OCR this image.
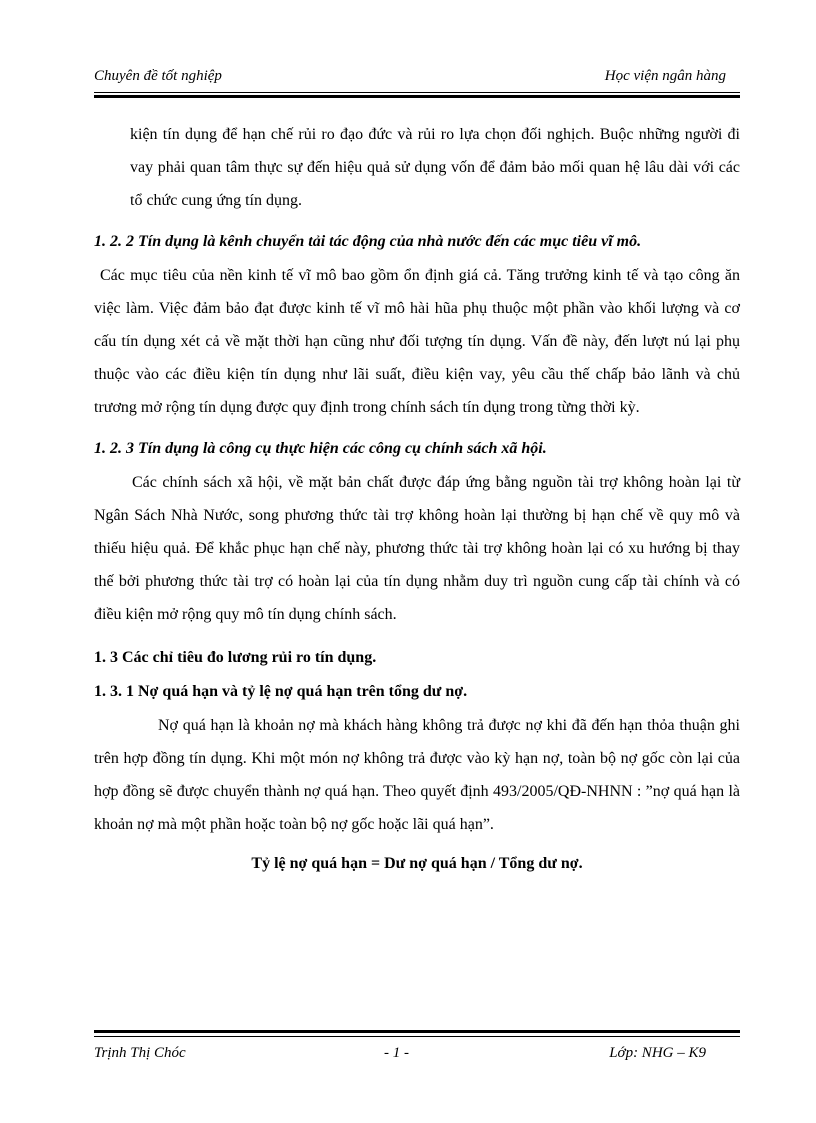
Chuyên đề tốt nghiệp	Học viện ngân hàng

kiện tín dụng để hạn chế rủi ro đạo đức và rủi ro lựa chọn đối nghịch. Buộc những người đi vay phải quan tâm thực sự đến hiệu quả sử dụng vốn để đảm bảo mối quan hệ lâu dài với các tổ chức cung ứng tín dụng.

1. 2. 2 Tín dụng là kênh chuyển tải tác động của nhà nước đến các mục tiêu vĩ mô.

Các mục tiêu của nền kinh tế vĩ mô bao gồm ổn định giá cả. Tăng trưởng kinh tế và tạo công ăn việc làm. Việc đảm bảo đạt được kinh tế vĩ mô hài hũa phụ thuộc một phần vào khối lượng và cơ cấu tín dụng xét cả về mặt thời hạn cũng như đối tượng tín dụng. Vấn đề này, đến lượt nú lại phụ thuộc vào các điều kiện tín dụng như lãi suất, điều kiện vay, yêu cầu thế chấp bảo lãnh và chủ trương mở rộng tín dụng được quy định trong chính sách tín dụng trong từng thời kỳ.

1. 2. 3 Tín dụng là công cụ thực hiện các công cụ chính sách xã hội.

Các chính sách xã hội, về mặt bản chất được đáp ứng bằng nguồn tài trợ không hoàn lại từ Ngân Sách Nhà Nước, song phương thức tài trợ không hoàn lại thường bị hạn chế về quy mô và thiếu hiệu quả. Để khắc phục hạn chế này, phương thức tài trợ không hoàn lại có xu hướng bị thay thế bởi phương thức tài trợ có hoàn lại của tín dụng nhằm duy trì nguồn cung cấp tài chính và có điều kiện mở rộng quy mô tín dụng chính sách.

1. 3 Các chỉ tiêu đo lương rủi ro tín dụng.

1. 3. 1 Nợ quá hạn và tỷ lệ nợ quá hạn trên tổng dư nợ.

Nợ quá hạn là khoản nợ mà khách hàng không trả được nợ khi đã đến hạn thỏa thuận ghi trên hợp đồng tín dụng. Khi một món nợ không trả được vào kỳ hạn nợ, toàn bộ nợ gốc còn lại của hợp đồng sẽ được chuyển thành nợ quá hạn. Theo quyết định 493/2005/QĐ-NHNN : ”nợ quá hạn là khoản nợ mà một phần hoặc toàn bộ nợ gốc hoặc lãi quá hạn”.

Tỷ lệ nợ quá hạn = Dư nợ quá hạn / Tổng dư nợ.

Trịnh Thị Chóc	- 1 -	Lớp: NHG – K9
